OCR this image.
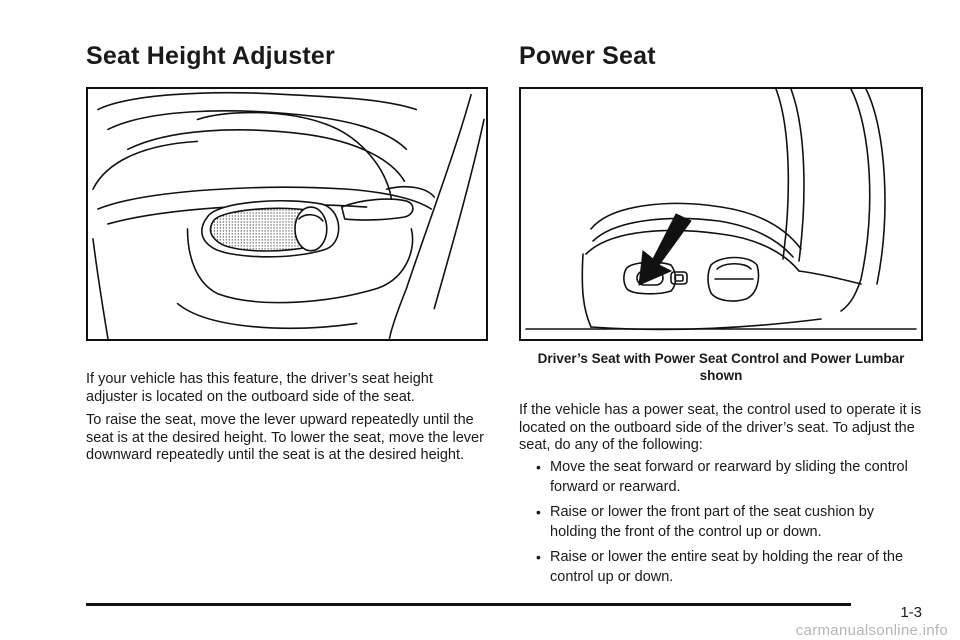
Seat Height Adjuster

If your vehicle has this feature, the driver’s seat height adjuster is located on the outboard side of the seat.

To raise the seat, move the lever upward repeatedly until the seat is at the desired height. To lower the seat, move the lever downward repeatedly until the seat is at the desired height.

Power Seat

Driver’s Seat with Power Seat Control and Power Lumbar shown

If the vehicle has a power seat, the control used to operate it is located on the outboard side of the driver’s seat. To adjust the seat, do any of the following:

• Move the seat forward or rearward by sliding the control forward or rearward.
• Raise or lower the front part of the seat cushion by holding the front of the control up or down.
• Raise or lower the entire seat by holding the rear of the control up or down.
1-3
carmanualsonline.info
